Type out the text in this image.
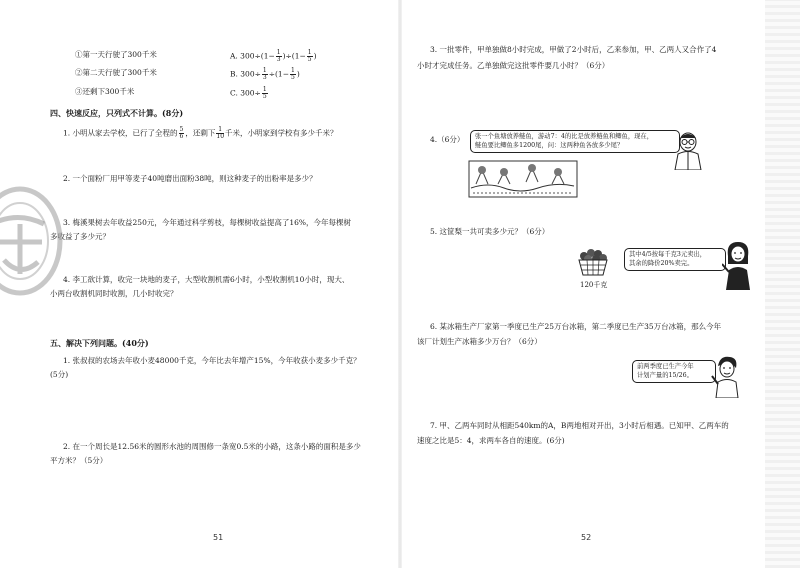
①第一天行驶了300千米	A. $300\div(1- \frac{1}{3} )\div(1- \frac{1}{5}$ )
②第二天行驶了300千米	B. $300\div \frac{1}{3} \div(1- \frac{1}{5}$ )
③还剩下300千米	C. $300\div \frac{1}{5}$
四、快速反应，只列式不计算。(8分)
1. 小明从家去学校，已行了全程的 $\frac{5}{6}$ ，还剩下 $\frac{1}{10}$ 千米，小明家到学校有多少千米？
2. 一个面粉厂用甲等麦子40吨磨出面粉38吨，则这种麦子的出粉率是多少？
3. 梅溪果树去年收益250元，今年通过科学剪枝，每棵树收益提高了16%，今年每棵树
多收益了多少元？
4. 李工欲计算，收完一块地的麦子，大型收割机需6小时，小型收割机10小时，现大、
小两台收割机同时收割，几小时收完？
五、解决下列问题。(40分)
1. 张叔叔的农场去年收小麦48000千克，今年比去年增产15%，今年收获小麦多少千克？
(5分)
2. 在一个周长是12.56米的圆形水池的周围修一条宽0.5米的小路，这条小路的面积是多少
平方米？（5分）
51
3. 一批零件，甲单独做8小时完成，甲做了2小时后，乙来参加，甲、乙两人又合作了4
小时才完成任务。乙单独做完这批零件要几小时？（6分）
4.（6分） 张一个鱼塘放养鲢鱼，游动7：4的比是放养鲢鱼和鲫鱼，现在，
鲢鱼要比鲫鱼多1200尾，问：这两种鱼各放多少尾？
5. 这筐梨一共可卖多少元？（6分）
120千克
其中4/5按每千克3元卖出，
其余的降价20%卖完。
6. 某冰箱生产厂家第一季度已生产25万台冰箱，第二季度已生产35万台冰箱，那么今年
该厂计划生产冰箱多少万台？（6分）
前两季度已生产今年
计划产量的15/26。
7. 甲、乙两车同时从相距540km的A，B两地相对开出，3小时后相遇。已知甲、乙两车的
速度之比是5：4，求两车各自的速度。(6分)
52
